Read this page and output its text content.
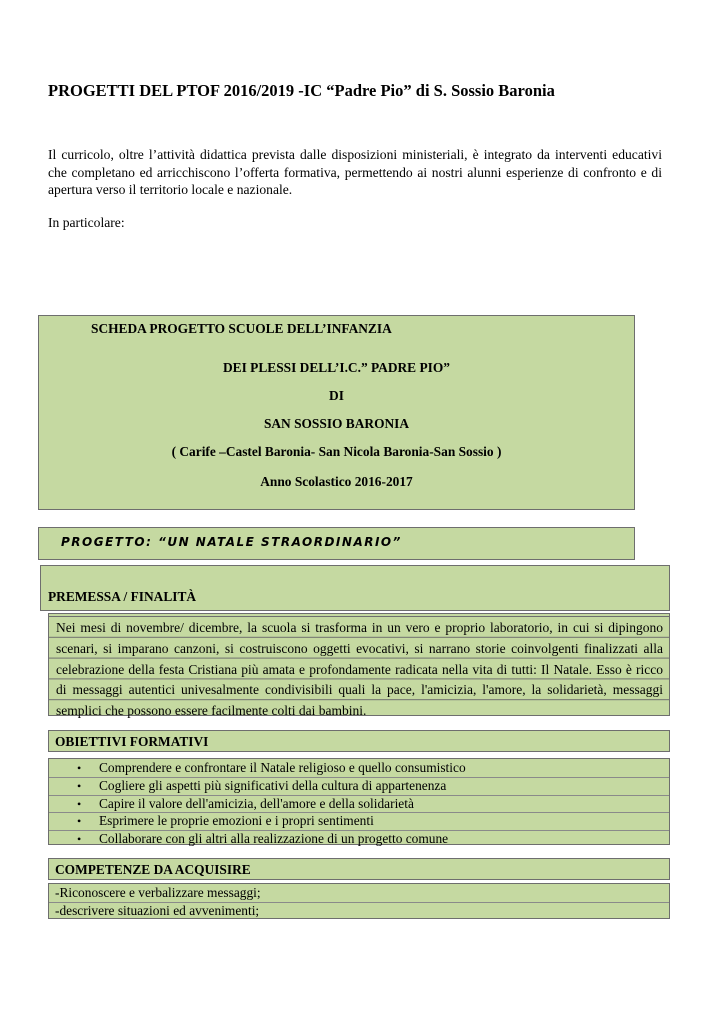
PROGETTI DEL PTOF 2016/2019 -IC “Padre Pio” di S. Sossio Baronia
Il curricolo, oltre l’attività didattica prevista dalle disposizioni ministeriali, è integrato da interventi educativi che completano ed arricchiscono l’offerta formativa, permettendo ai nostri alunni esperienze di confronto e di apertura verso il territorio locale e nazionale.
In particolare:
SCHEDA PROGETTO SCUOLE DELL’INFANZIA
DEI PLESSI DELL’I.C.” PADRE PIO”
DI
SAN SOSSIO BARONIA
( Carife –Castel Baronia- San Nicola Baronia-San Sossio )
Anno Scolastico 2016-2017
PROGETTO: “UN NATALE STRAORDINARIO”
PREMESSA / FINALITÀ
Nei mesi di novembre/ dicembre, la scuola si trasforma in un vero e proprio laboratorio, in cui si dipingono scenari, si imparano canzoni, si costruiscono oggetti evocativi, si narrano storie coinvolgenti finalizzati alla celebrazione della festa Cristiana più amata e profondamente radicata nella vita di tutti: Il Natale. Esso è ricco di messaggi autentici univesalmente condivisibili quali la pace, l'amicizia, l'amore, la solidarietà, messaggi semplici che possono essere facilmente colti dai bambini.
OBIETTIVI FORMATIVI
• Comprendere e confrontare il Natale religioso e quello consumistico
• Cogliere gli aspetti più significativi della cultura di appartenenza
• Capire il valore dell'amicizia, dell'amore e della solidarietà
• Esprimere le proprie emozioni e i propri sentimenti
• Collaborare con gli altri alla realizzazione di un progetto comune
COMPETENZE DA ACQUISIRE
-Riconoscere e verbalizzare messaggi;
-descrivere situazioni ed avvenimenti;
